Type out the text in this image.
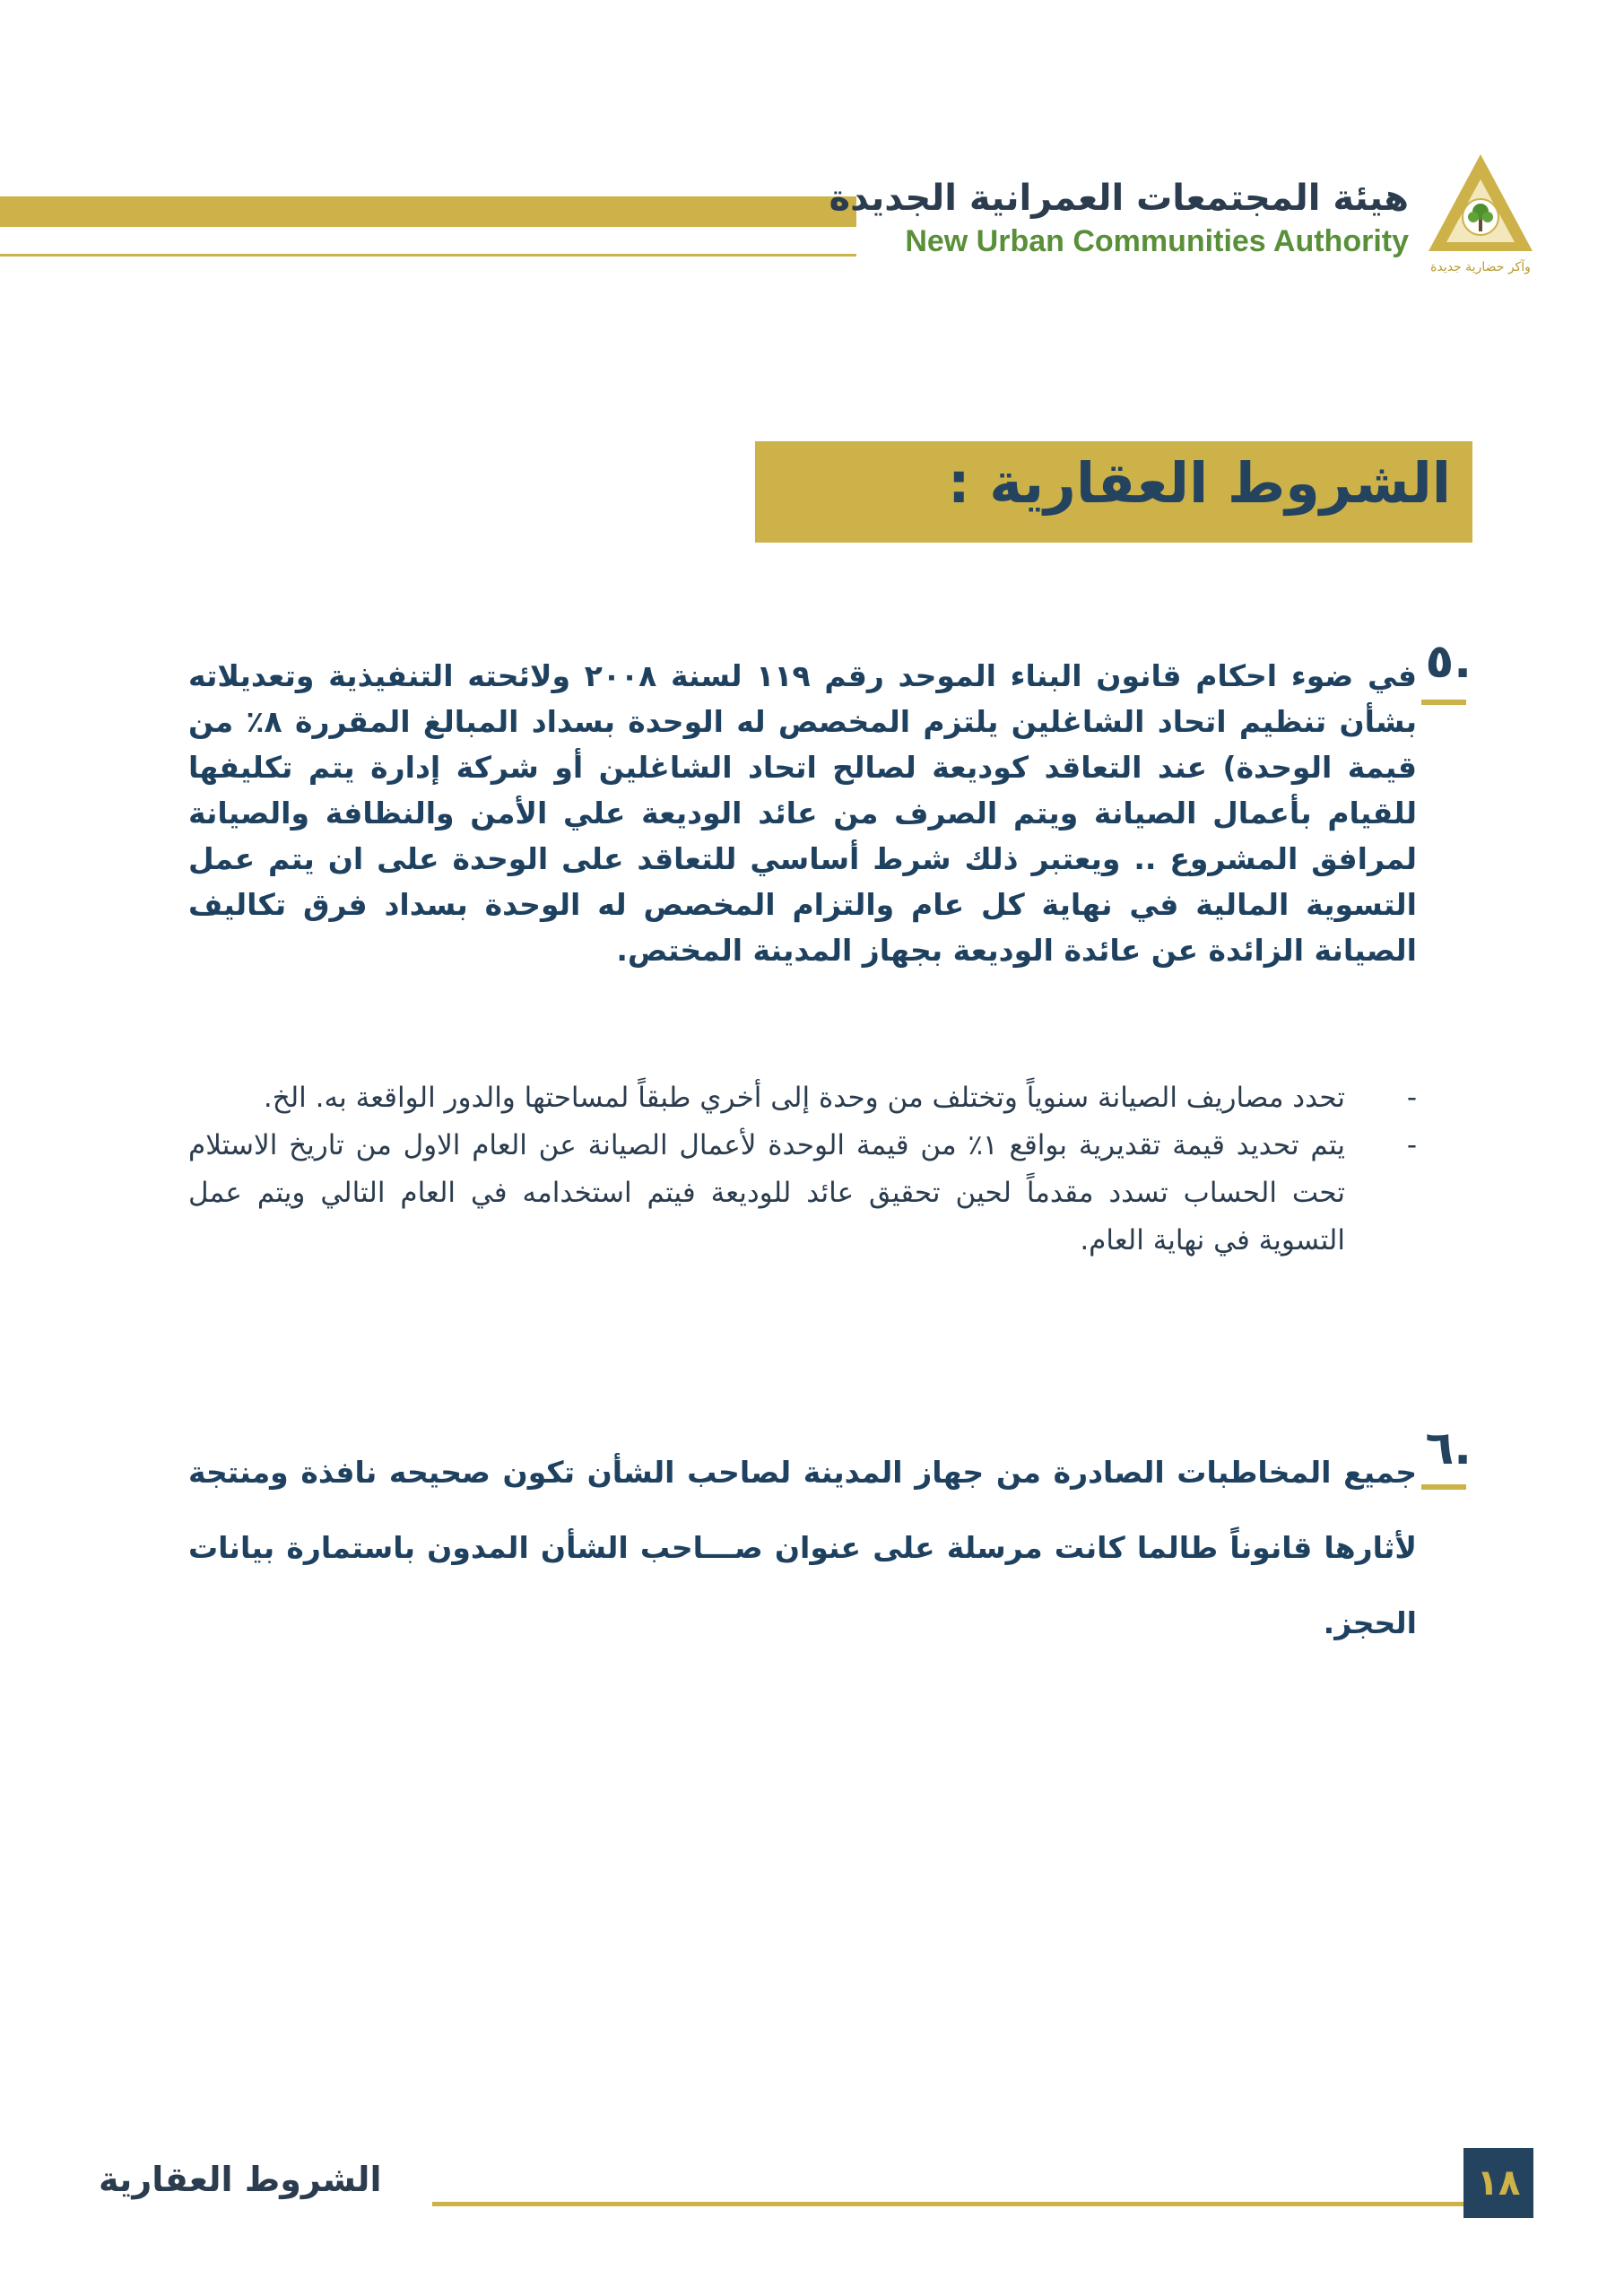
هيئة المجتمعات العمرانية الجديدة

New Urban Communities Authority

وآكر حضارية جديدة
الشروط العقارية :
.٥

في ضوء احكام قانون البناء الموحد رقم ١١٩ لسنة ٢٠٠٨ ولائحته التنفيذية وتعديلاته بشأن تنظيم اتحاد الشاغلين يلتزم المخصص له الوحدة بسداد المبالغ المقررة ٨٪ من قيمة الوحدة) عند التعاقد كوديعة لصالح اتحاد الشاغلين أو شركة إدارة يتم تكليفها للقيام بأعمال الصيانة ويتم الصرف من عائد الوديعة علي الأمن والنظافة والصيانة لمرافق المشروع .. ويعتبر ذلك شرط أساسي للتعاقد على الوحدة على ان يتم عمل التسوية المالية في نهاية كل عام والتزام المخصص له الوحدة بسداد فرق تكاليف الصيانة الزائدة عن عائدة الوديعة بجهاز المدينة المختص.

-
تحدد مصاريف الصيانة سنوياً وتختلف من وحدة إلى أخري طبقاً لمساحتها والدور الواقعة به. الخ.
-
يتم تحديد قيمة تقديرية بواقع ١٪ من قيمة الوحدة لأعمال الصيانة عن العام الاول من تاريخ الاستلام تحت الحساب تسدد مقدماً لحين تحقيق عائد للوديعة فيتم استخدامه في العام التالي ويتم عمل التسوية في نهاية العام.
.٦

جميع المخاطبات الصادرة من جهاز المدينة لصاحب الشأن تكون صحيحه نافذة ومنتجة لأثارها قانوناً طالما كانت مرسلة على عنوان صـــاحب الشأن المدون باستمارة بيانات الحجز.

الشروط العقارية	١٨
